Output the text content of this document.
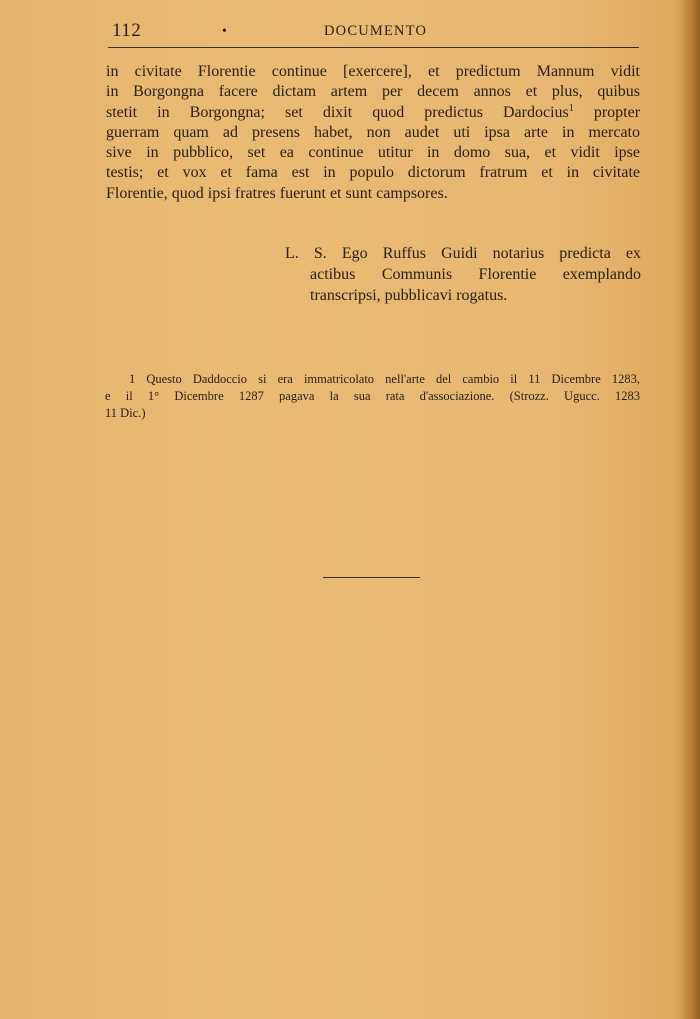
112	•	DOCUMENTO
in civitate Florentie continue [exercere], et predictum Mannum vidit
in Borgongna facere dictam artem per decem annos et plus, quibus
stetit in Borgongna; set dixit quod predictus Dardocius$^1$ propter
guerram quam ad presens habet, non audet uti ipsa arte in mercato
sive in pubblico, set ea continue utitur in domo sua, et vidit ipse
testis; et vox et fama est in populo dictorum fratrum et in civitate
Florentie, quod ipsi fratres fuerunt et sunt campsores.
L. S. Ego Ruffus Guidi notarius predicta ex
actibus Communis Florentie exemplando
transcripsi, pubblicavi rogatus.
1 Questo Daddoccio si era immatricolato nell'arte del cambio il 11 Dicembre 1283,
e il 1° Dicembre 1287 pagava la sua rata d'associazione. (Strozz. Ugucc. 1283
11 Dic.)
